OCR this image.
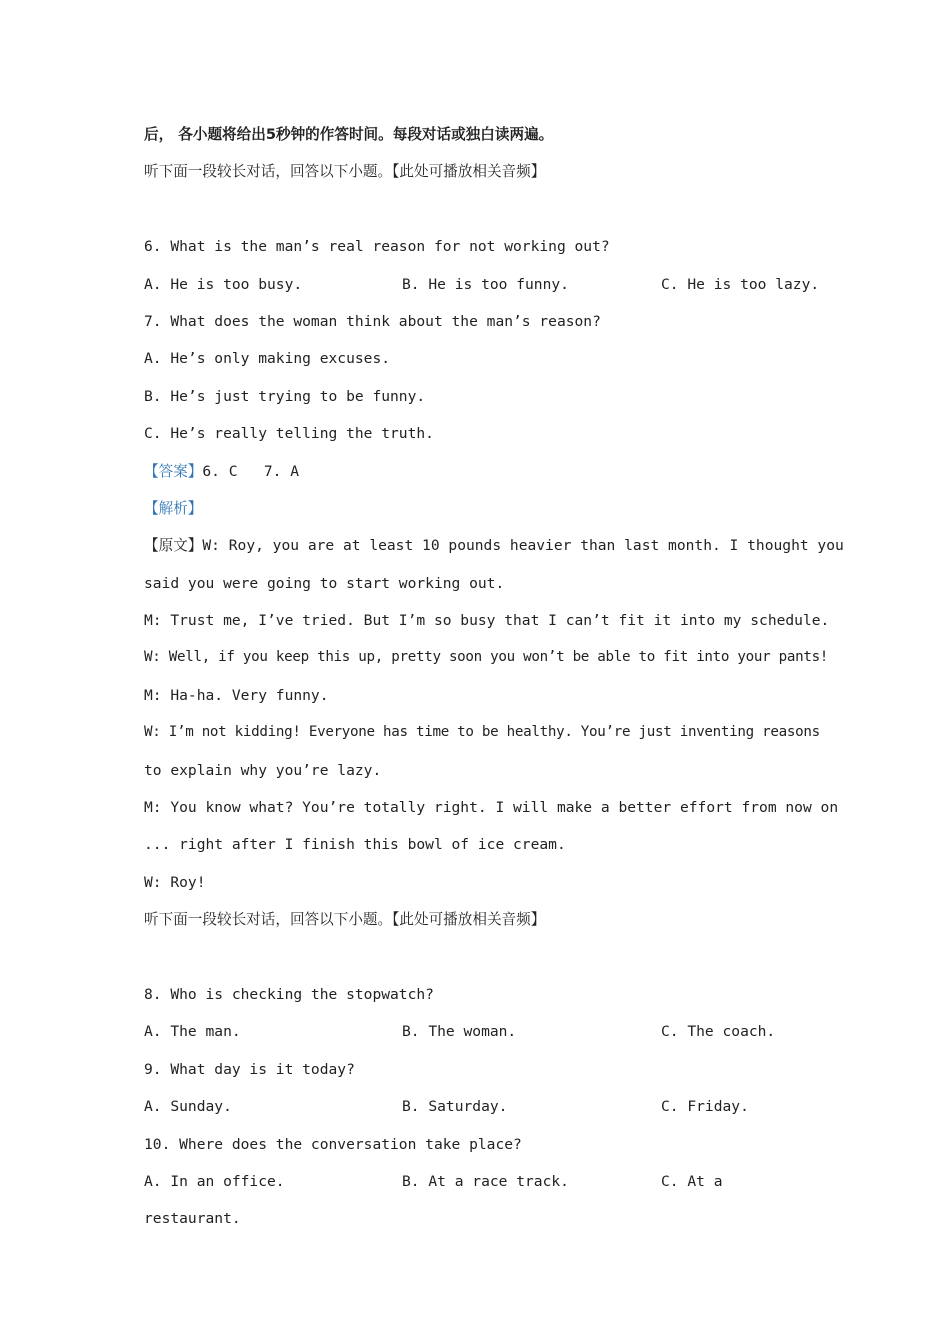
后， 各小题将给出5秒钟的作答时间。每段对话或独白读两遍。
听下面一段较长对话，回答以下小题。【此处可播放相关音频】
6. What is the man’s real reason for not working out?
A. He is too busy.	B. He is too funny.	C. He is too lazy.
7. What does the woman think about the man’s reason?
A. He’s only making excuses.
B. He’s just trying to be funny.
C. He’s really telling the truth.
【答案】6. C   7. A
【解析】
【原文】W: Roy, you are at least 10 pounds heavier than last month. I thought you
said you were going to start working out.
M: Trust me, I’ve tried. But I’m so busy that I can’t fit it into my schedule.
W: Well, if you keep this up, pretty soon you won’t be able to fit into your pants!
M: Ha-ha. Very funny.
W: I’m not kidding! Everyone has time to be healthy. You’re just inventing reasons
to explain why you’re lazy.
M: You know what? You’re totally right. I will make a better effort from now on
... right after I finish this bowl of ice cream.
W: Roy!
听下面一段较长对话，回答以下小题。【此处可播放相关音频】
8. Who is checking the stopwatch?
A. The man.	B. The woman.	C. The coach.
9. What day is it today?
A. Sunday.	B. Saturday.	C. Friday.
10. Where does the conversation take place?
A. In an office.	B. At a race track.	C. At a
restaurant.
